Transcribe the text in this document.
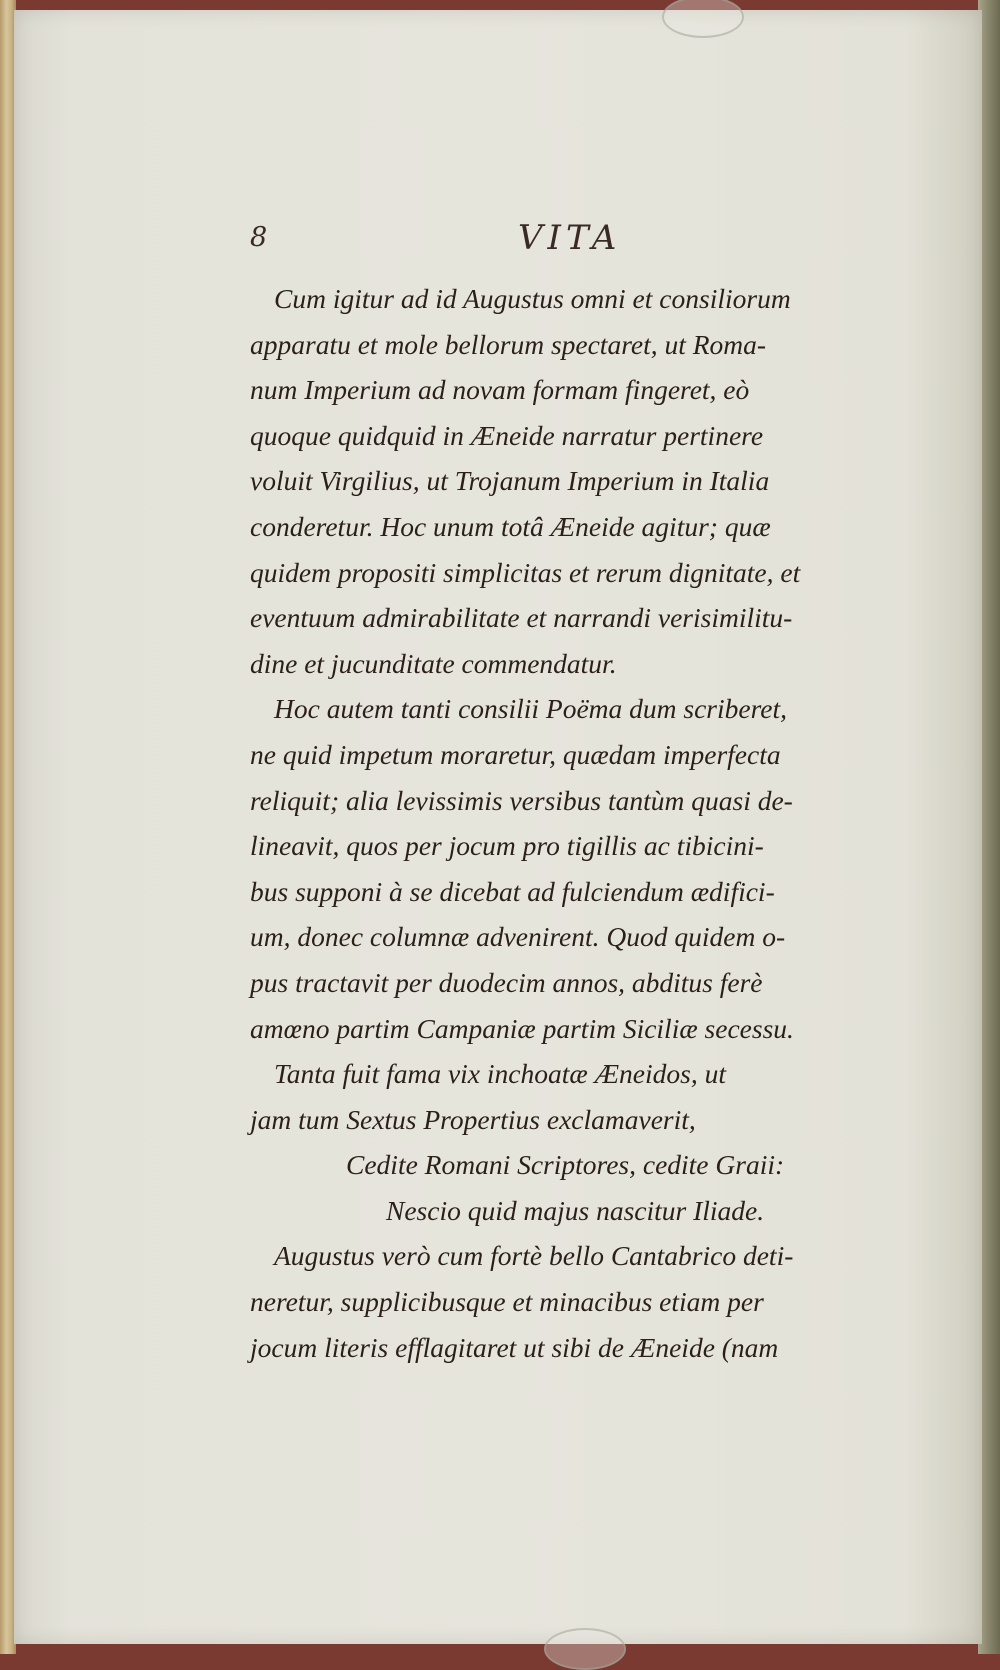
8	VITA
Cum igitur ad id Augustus omni et consiliorum
apparatu et mole bellorum spectaret, ut Roma-
num Imperium ad novam formam fingeret, eò
quoque quidquid in Æneide narratur pertinere
voluit Virgilius, ut Trojanum Imperium in Italia
conderetur. Hoc unum totâ Æneide agitur; quæ
quidem propositi simplicitas et rerum dignitate, et
eventuum admirabilitate et narrandi verisimilitu-
dine et jucunditate commendatur.
Hoc autem tanti consilii Poëma dum scriberet,
ne quid impetum moraretur, quædam imperfecta
reliquit; alia levissimis versibus tantùm quasi de-
lineavit, quos per jocum pro tigillis ac tibicini-
bus supponi à se dicebat ad fulciendum ædifici-
um, donec columnæ advenirent. Quod quidem o-
pus tractavit per duodecim annos, abditus ferè
amœno partim Campaniæ partim Siciliæ secessu.
Tanta fuit fama vix inchoatæ Æneidos, ut
jam tum Sextus Propertius exclamaverit,
Cedite Romani Scriptores, cedite Graii:
Nescio quid majus nascitur Iliade.
Augustus verò cum fortè bello Cantabrico deti-
neretur, supplicibusque et minacibus etiam per
jocum literis efflagitaret ut sibi de Æneide (nam
